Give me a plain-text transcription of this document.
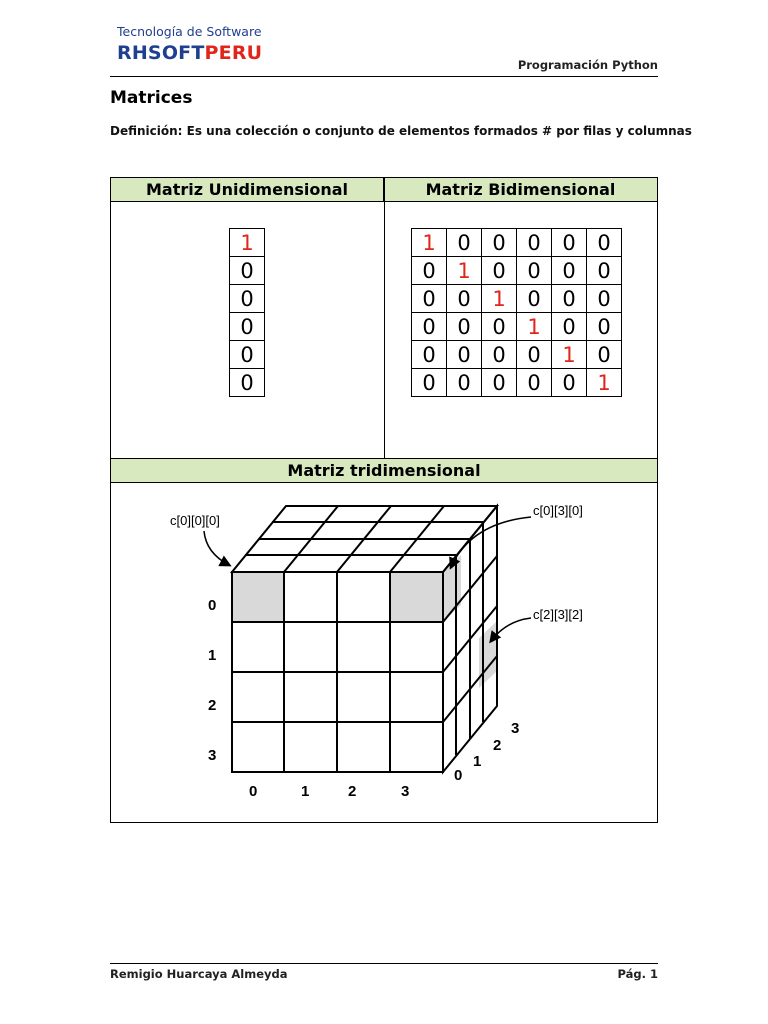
Tecnología de Software
RHSOFTPERU
Programación Python
Matrices
Definición: Es una colección o conjunto de elementos formados # por filas y columnas
Matriz Unidimensional	Matriz Bidimensional
1
0
0
0
0
0
1	0	0	0	0	0
0	1	0	0	0	0
0	0	1	0	0	0
0	0	0	1	0	0
0	0	0	0	1	0
0	0	0	0	0	1
Matriz tridimensional
c[0][0][0]
c[0][3][0]
c[2][3][2]
0
1
2
3
0	1	2	3
0
1
2
3
Remigio Huarcaya Almeyda	Pág. 1
